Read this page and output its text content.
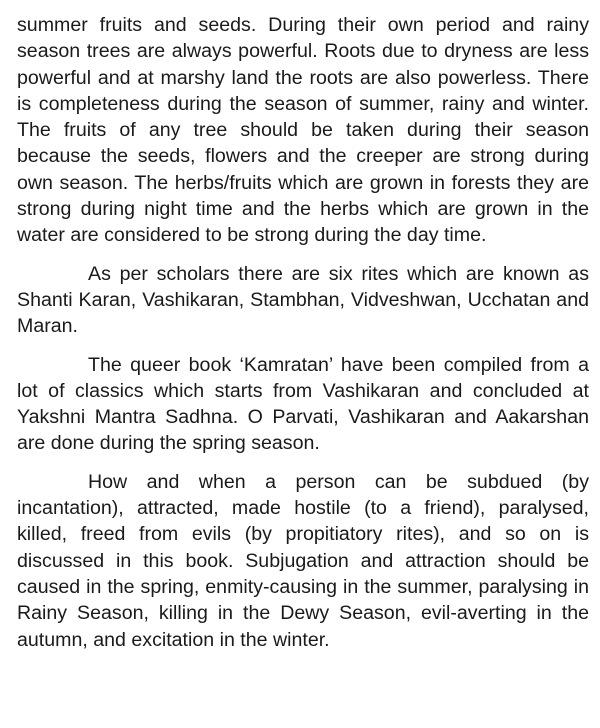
summer fruits and seeds. During their own period and rainy season trees are always powerful. Roots due to dryness are less powerful and at marshy land the roots are also powerless. There is completeness during the season of summer, rainy and winter. The fruits of any tree should be taken during their season because the seeds, flowers and the creeper are strong during own season. The herbs/fruits which are grown in forests they are strong during night time and the herbs which are grown in the water are considered to be strong during the day time.

As per scholars there are six rites which are known as Shanti Karan, Vashikaran, Stambhan, Vidveshwan, Ucchatan and Maran.

The queer book ‘Kamratan’ have been compiled from a lot of classics which starts from Vashikaran and concluded at Yakshni Mantra Sadhna. O Parvati, Vashikaran and Aakarshan are done during the spring season.

How and when a person can be subdued (by incantation), attracted, made hostile (to a friend), paralysed, killed, freed from evils (by propitiatory rites), and so on is discussed in this book. Subjugation and attraction should be caused in the spring, enmity-causing in the summer, paralysing in Rainy Season, killing in the Dewy Season, evil-averting in the autumn, and excitation in the winter.
